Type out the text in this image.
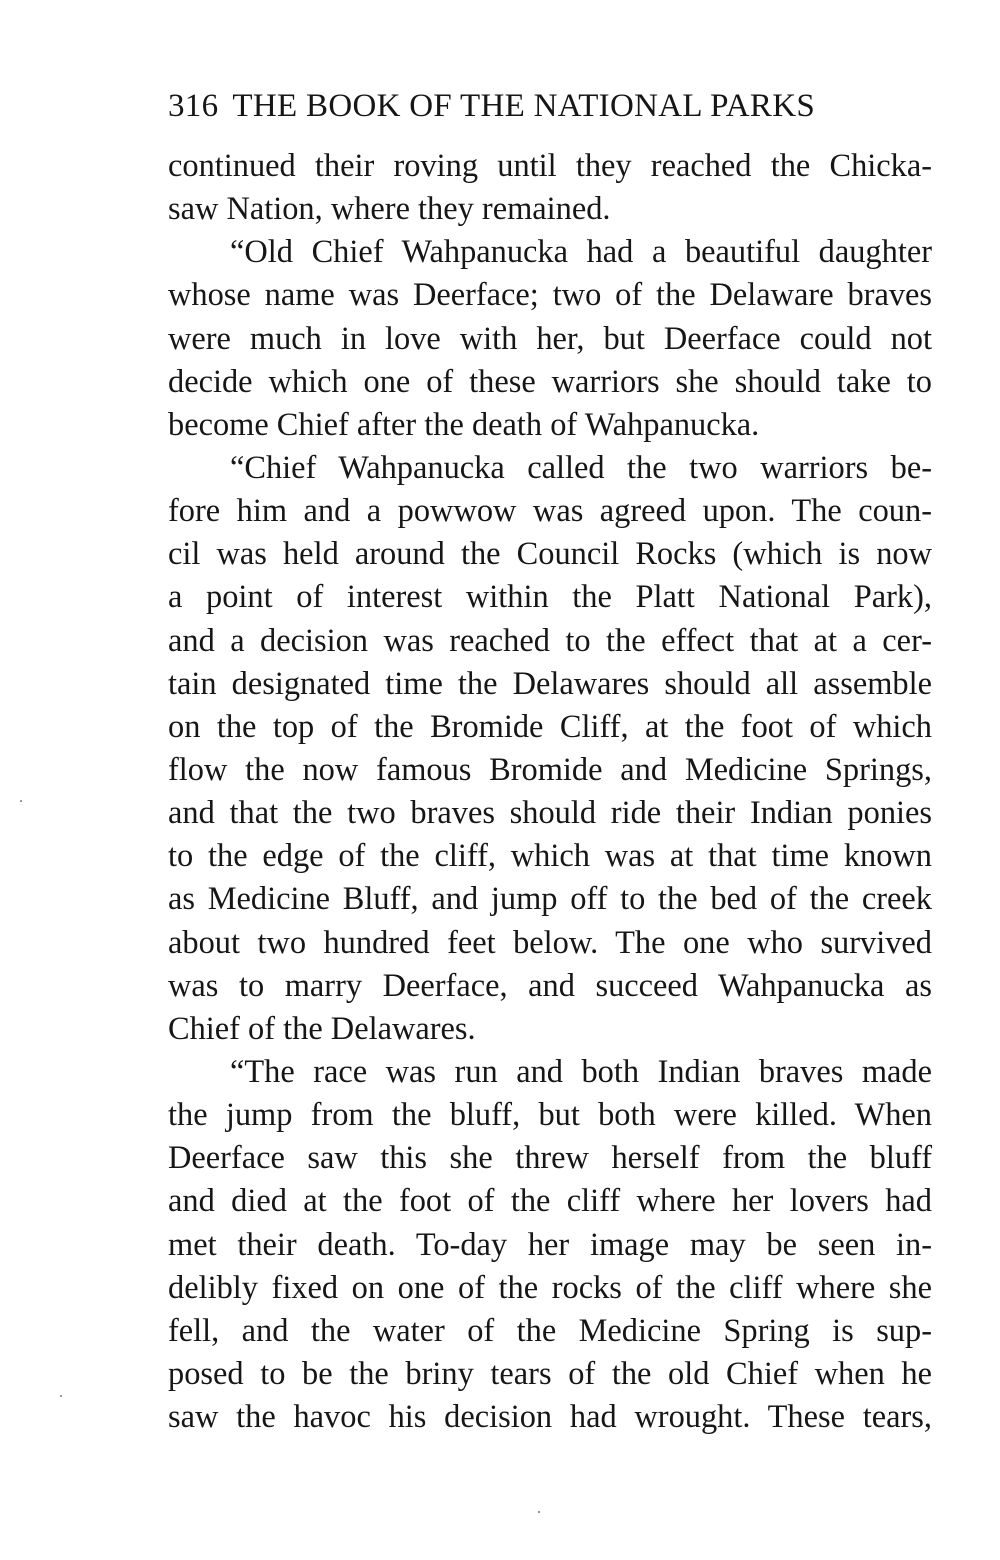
316 THE BOOK OF THE NATIONAL PARKS
continued their roving until they reached the Chicka-
saw Nation, where they remained.
“Old Chief Wahpanucka had a beautiful daughter
whose name was Deerface; two of the Delaware braves
were much in love with her, but Deerface could not
decide which one of these warriors she should take to
become Chief after the death of Wahpanucka.
“Chief Wahpanucka called the two warriors be-
fore him and a powwow was agreed upon. The coun-
cil was held around the Council Rocks (which is now
a point of interest within the Platt National Park),
and a decision was reached to the effect that at a cer-
tain designated time the Delawares should all assemble
on the top of the Bromide Cliff, at the foot of which
flow the now famous Bromide and Medicine Springs,
and that the two braves should ride their Indian ponies
to the edge of the cliff, which was at that time known
as Medicine Bluff, and jump off to the bed of the creek
about two hundred feet below. The one who survived
was to marry Deerface, and succeed Wahpanucka as
Chief of the Delawares.
“The race was run and both Indian braves made
the jump from the bluff, but both were killed. When
Deerface saw this she threw herself from the bluff
and died at the foot of the cliff where her lovers had
met their death. To-day her image may be seen in-
delibly fixed on one of the rocks of the cliff where she
fell, and the water of the Medicine Spring is sup-
posed to be the briny tears of the old Chief when he
saw the havoc his decision had wrought. These tears,
